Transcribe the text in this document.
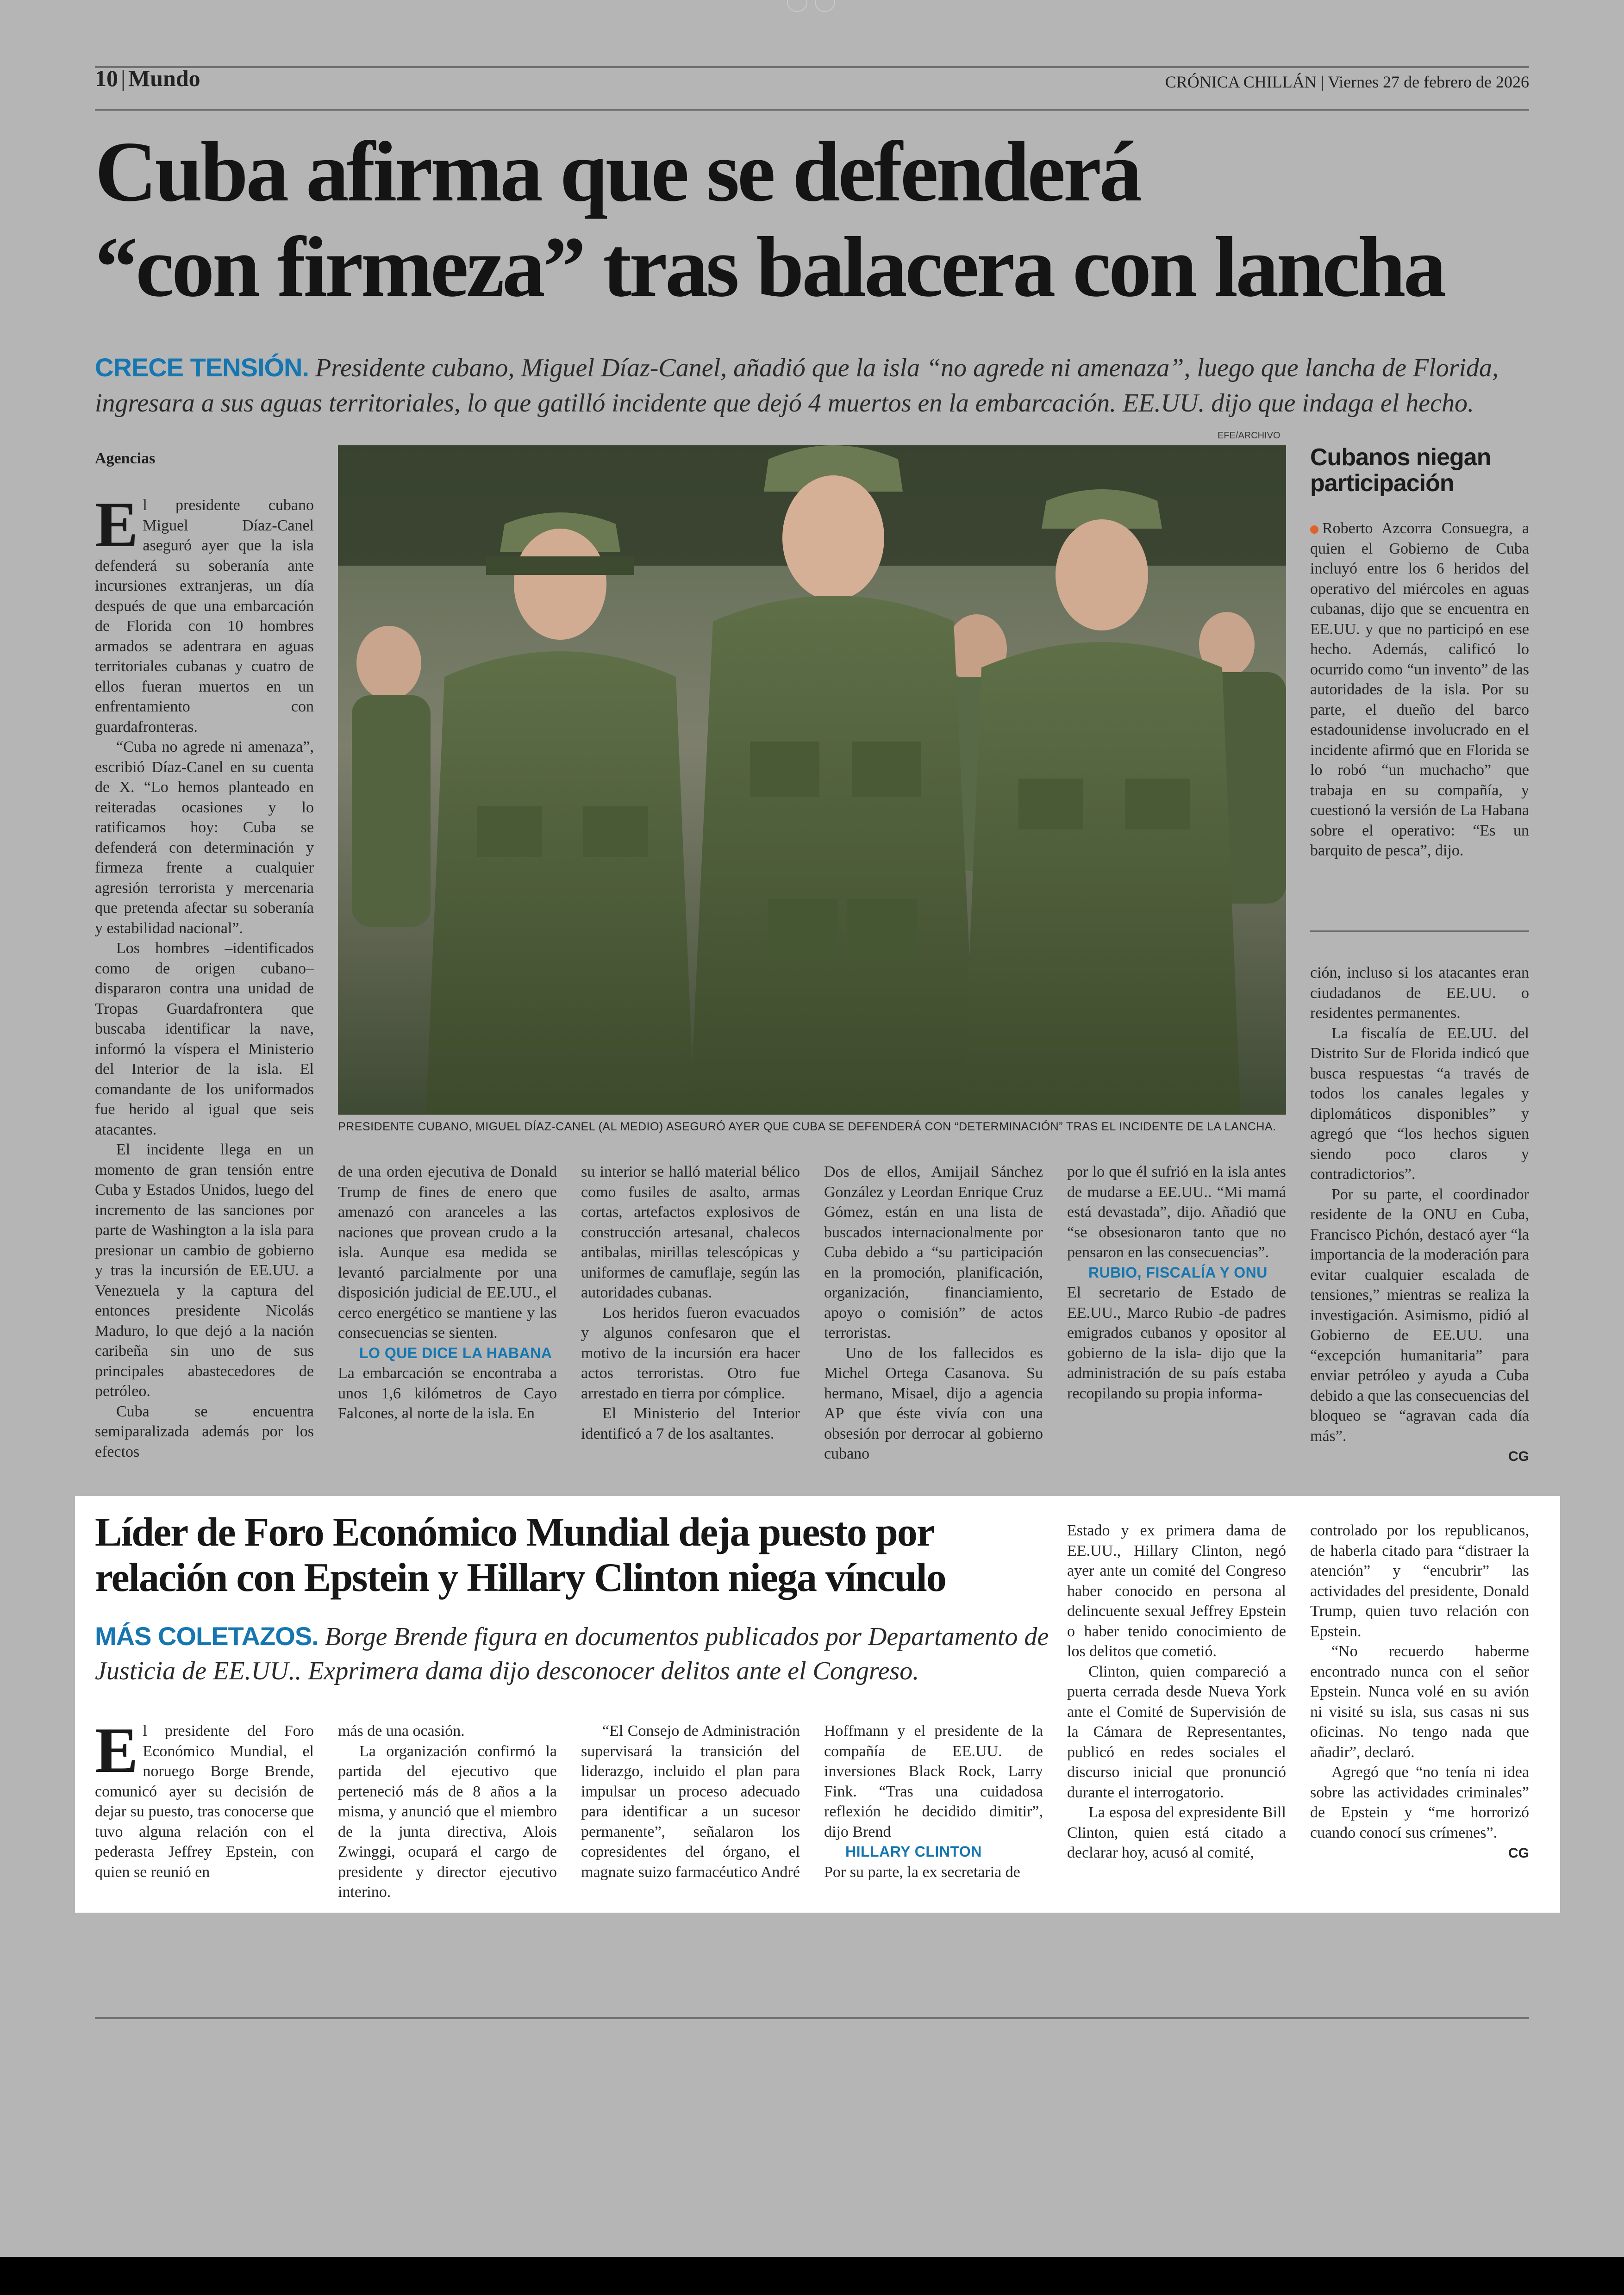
10 | Mundo	CRÓNICA CHILLÁN | Viernes 27 de febrero de 2026
Cuba afirma que se defenderá
“con firmeza” tras balacera con lancha

CRECE TENSIÓN. Presidente cubano, Miguel Díaz-Canel, añadió que la isla “no agrede ni amenaza”, luego que lancha de Florida, ingresara a sus aguas territoriales, lo que gatilló incidente que dejó 4 muertos en la embarcación. EE.UU. dijo que indaga el hecho.

Agencias

El presidente cubano Miguel Díaz-Canel aseguró ayer que la isla defenderá su soberanía ante incursiones extranjeras, un día después de que una embarcación de Florida con 10 hombres armados se adentrara en aguas territoriales cubanas y cuatro de ellos fueran muertos en un enfrentamiento con guardafronteras.

“Cuba no agrede ni amenaza”, escribió Díaz-Canel en su cuenta de X. “Lo hemos planteado en reiteradas ocasiones y lo ratificamos hoy: Cuba se defenderá con determinación y firmeza frente a cualquier agresión terrorista y mercenaria que pretenda afectar su soberanía y estabilidad nacional”.

Los hombres –identificados como de origen cubano– dispararon contra una unidad de Tropas Guardafrontera que buscaba identificar la nave, informó la víspera el Ministerio del Interior de la isla. El comandante de los uniformados fue herido al igual que seis atacantes.

El incidente llega en un momento de gran tensión entre Cuba y Estados Unidos, luego del incremento de las sanciones por parte de Washington a la isla para presionar un cambio de gobierno y tras la incursión de EE.UU. a Venezuela y la captura del entonces presidente Nicolás Maduro, lo que dejó a la nación caribeña sin uno de sus principales abastecedores de petróleo.

Cuba se encuentra semiparalizada además por los efectos

EFE/ARCHIVO
PRESIDENTE CUBANO, MIGUEL DÍAZ-CANEL (AL MEDIO) ASEGURÓ AYER QUE CUBA SE DEFENDERÁ CON “DETERMINACIÓN” TRAS EL INCIDENTE DE LA LANCHA.
Cubanos niegan participación

Roberto Azcorra Consuegra, a quien el Gobierno de Cuba incluyó entre los 6 heridos del operativo del miércoles en aguas cubanas, dijo que se encuentra en EE.UU. y que no participó en ese hecho. Además, calificó lo ocurrido como “un invento” de las autoridades de la isla. Por su parte, el dueño del barco estadounidense involucrado en el incidente afirmó que en Florida se lo robó “un muchacho” que trabaja en su compañía, y cuestionó la versión de La Habana sobre el operativo: “Es un barquito de pesca”, dijo.

de una orden ejecutiva de Donald Trump de fines de enero que amenazó con aranceles a las naciones que provean crudo a la isla. Aunque esa medida se levantó parcialmente por una disposición judicial de EE.UU., el cerco energético se mantiene y las consecuencias se sienten.

LO QUE DICE LA HABANA

La embarcación se encontraba a unos 1,6 kilómetros de Cayo Falcones, al norte de la isla. En

su interior se halló material bélico como fusiles de asalto, armas cortas, artefactos explosivos de construcción artesanal, chalecos antibalas, mirillas telescópicas y uniformes de camuflaje, según las autoridades cubanas.

Los heridos fueron evacuados y algunos confesaron que el motivo de la incursión era hacer actos terroristas. Otro fue arrestado en tierra por cómplice.

El Ministerio del Interior identificó a 7 de los asaltantes.

Dos de ellos, Amijail Sánchez González y Leordan Enrique Cruz Gómez, están en una lista de buscados internacionalmente por Cuba debido a “su participación en la promoción, planificación, organización, financiamiento, apoyo o comisión” de actos terroristas.

Uno de los fallecidos es Michel Ortega Casanova. Su hermano, Misael, dijo a agencia AP que éste vivía con una obsesión por derrocar al gobierno cubano

por lo que él sufrió en la isla antes de mudarse a EE.UU.. “Mi mamá está devastada”, dijo. Añadió que “se obsesionaron tanto que no pensaron en las consecuencias”.

RUBIO, FISCALÍA Y ONU

El secretario de Estado de EE.UU., Marco Rubio -de padres emigrados cubanos y opositor al gobierno de la isla- dijo que la administración de su país estaba recopilando su propia informa-

ción, incluso si los atacantes eran ciudadanos de EE.UU. o residentes permanentes.

La fiscalía de EE.UU. del Distrito Sur de Florida indicó que busca respuestas “a través de todos los canales legales y diplomáticos disponibles” y agregó que “los hechos siguen siendo poco claros y contradictorios”.

Por su parte, el coordinador residente de la ONU en Cuba, Francisco Pichón, destacó ayer “la importancia de la moderación para evitar cualquier escalada de tensiones,” mientras se realiza la investigación. Asimismo, pidió al Gobierno de EE.UU. una “excepción humanitaria” para enviar petróleo y ayuda a Cuba debido a que las consecuencias del bloqueo se “agravan cada día más”.

CG

Líder de Foro Económico Mundial deja puesto por
relación con Epstein y Hillary Clinton niega vínculo

MÁS COLETAZOS. Borge Brende figura en documentos publicados por Departamento de Justicia de EE.UU.. Exprimera dama dijo desconocer delitos ante el Congreso.

El presidente del Foro Económico Mundial, el noruego Borge Brende, comunicó ayer su decisión de dejar su puesto, tras conocerse que tuvo alguna relación con el pederasta Jeffrey Epstein, con quien se reunió en

más de una ocasión.

La organización confirmó la partida del ejecutivo que perteneció más de 8 años a la misma, y anunció que el miembro de la junta directiva, Alois Zwinggi, ocupará el cargo de presidente y director ejecutivo interino.

“El Consejo de Administración supervisará la transición del liderazgo, incluido el plan para impulsar un proceso adecuado para identificar a un sucesor permanente”, señalaron los copresidentes del órgano, el magnate suizo farmacéutico André

Hoffmann y el presidente de la compañía de EE.UU. de inversiones Black Rock, Larry Fink. “Tras una cuidadosa reflexión he decidido dimitir”, dijo Brend

HILLARY CLINTON

Por su parte, la ex secretaria de

Estado y ex primera dama de EE.UU., Hillary Clinton, negó ayer ante un comité del Congreso haber conocido en persona al delincuente sexual Jeffrey Epstein o haber tenido conocimiento de los delitos que cometió.

Clinton, quien compareció a puerta cerrada desde Nueva York ante el Comité de Supervisión de la Cámara de Representantes, publicó en redes sociales el discurso inicial que pronunció durante el interrogatorio.

La esposa del expresidente Bill Clinton, quien está citado a declarar hoy, acusó al comité,

controlado por los republicanos, de haberla citado para “distraer la atención” y “encubrir” las actividades del presidente, Donald Trump, quien tuvo relación con Epstein.

“No recuerdo haberme encontrado nunca con el señor Epstein. Nunca volé en su avión ni visité su isla, sus casas ni sus oficinas. No tengo nada que añadir”, declaró.

Agregó que “no tenía ni idea sobre las actividades criminales” de Epstein y “me horrorizó cuando conocí sus crímenes”.

CG
